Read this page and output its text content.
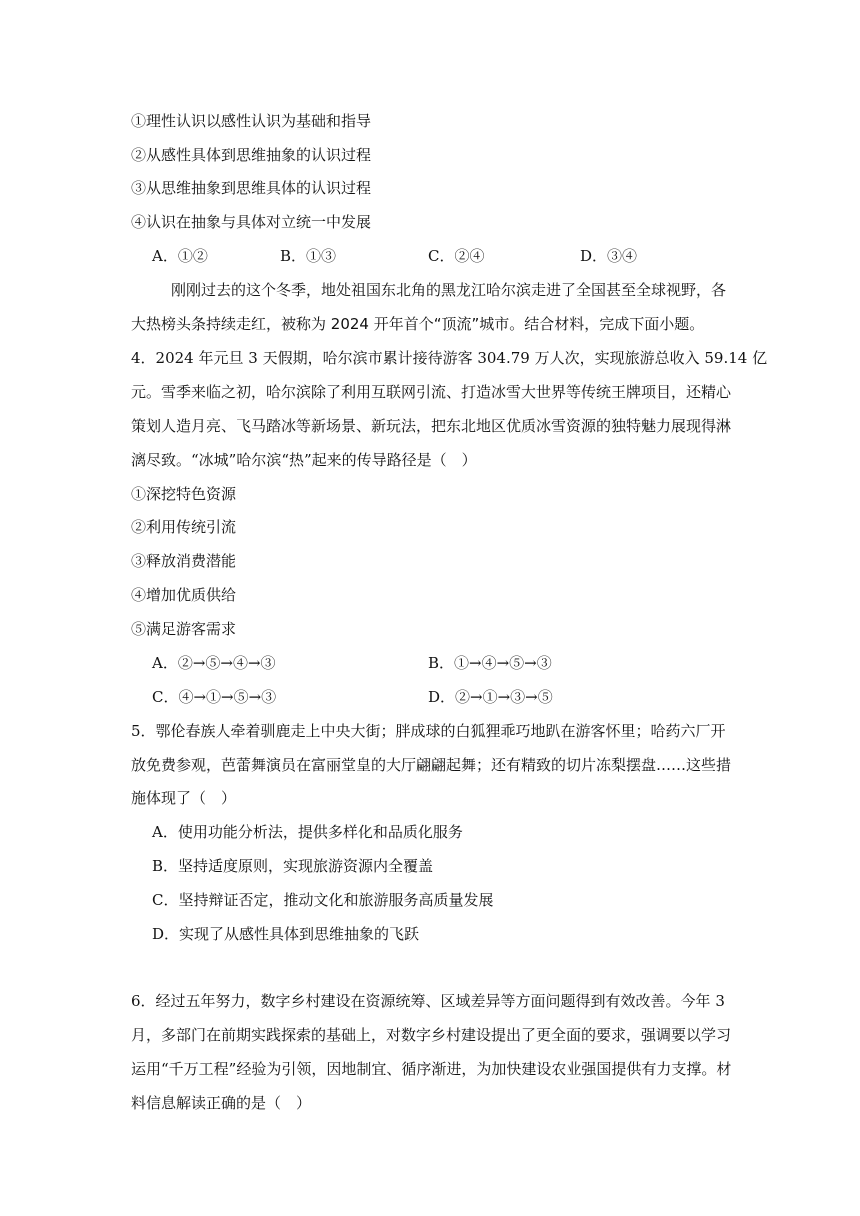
①理性认识以感性认识为基础和指导
②从感性具体到思维抽象的认识过程
③从思维抽象到思维具体的认识过程
④认识在抽象与具体对立统一中发展
A．①②	B．①③	C．②④	D．③④
刚刚过去的这个冬季，地处祖国东北角的黑龙江哈尔滨走进了全国甚至全球视野，各
大热榜头条持续走红，被称为 2024 开年首个“顶流”城市。结合材料，完成下面小题。
4．2024 年元旦 3 天假期，哈尔滨市累计接待游客 304.79 万人次，实现旅游总收入 59.14 亿
元。雪季来临之初，哈尔滨除了利用互联网引流、打造冰雪大世界等传统王牌项目，还精心
策划人造月亮、飞马踏冰等新场景、新玩法，把东北地区优质冰雪资源的独特魅力展现得淋
漓尽致。“冰城”哈尔滨“热”起来的传导路径是（　）
①深挖特色资源
②利用传统引流
③释放消费潜能
④增加优质供给
⑤满足游客需求
A．②→⑤→④→③	B．①→④→⑤→③
C．④→①→⑤→③	D．②→①→③→⑤
5．鄂伦春族人牵着驯鹿走上中央大街；胖成球的白狐狸乖巧地趴在游客怀里；哈药六厂开
放免费参观，芭蕾舞演员在富丽堂皇的大厅翩翩起舞；还有精致的切片冻梨摆盘……这些措
施体现了（　）
A．使用功能分析法，提供多样化和品质化服务
B．坚持适度原则，实现旅游资源内全覆盖
C．坚持辩证否定，推动文化和旅游服务高质量发展
D．实现了从感性具体到思维抽象的飞跃
6．经过五年努力，数字乡村建设在资源统筹、区域差异等方面问题得到有效改善。今年 3
月，多部门在前期实践探索的基础上，对数字乡村建设提出了更全面的要求，强调要以学习
运用“千万工程”经验为引领，因地制宜、循序渐进，为加快建设农业强国提供有力支撑。材
料信息解读正确的是（　）
